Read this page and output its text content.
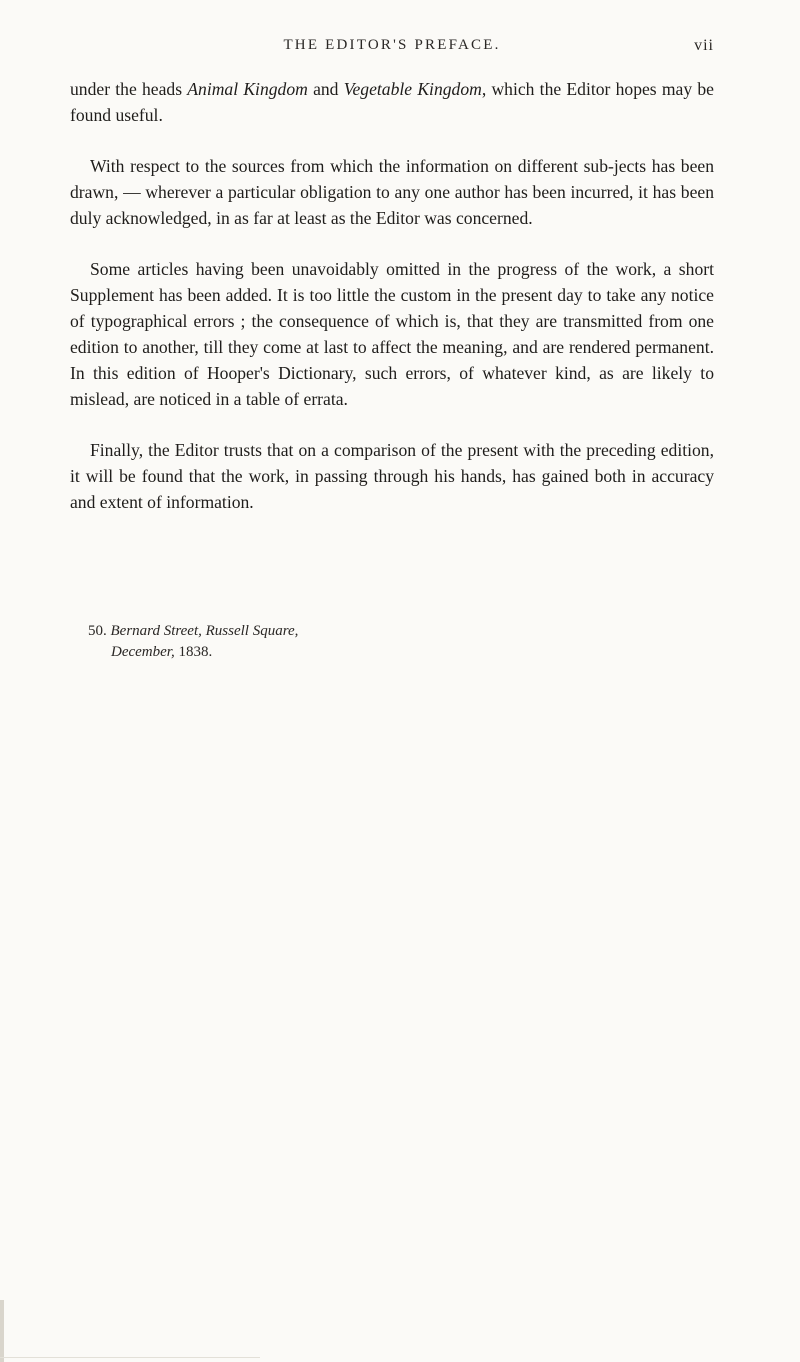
THE EDITOR'S PREFACE.	vii

under the heads Animal Kingdom and Vegetable Kingdom, which the Editor hopes may be found useful.

With respect to the sources from which the information on different sub-jects has been drawn, — wherever a particular obligation to any one author has been incurred, it has been duly acknowledged, in as far at least as the Editor was concerned.

Some articles having been unavoidably omitted in the progress of the work, a short Supplement has been added. It is too little the custom in the present day to take any notice of typographical errors ; the consequence of which is, that they are transmitted from one edition to another, till they come at last to affect the meaning, and are rendered permanent. In this edition of Hooper's Dictionary, such errors, of whatever kind, as are likely to mislead, are noticed in a table of errata.

Finally, the Editor trusts that on a comparison of the present with the preceding edition, it will be found that the work, in passing through his hands, has gained both in accuracy and extent of information.

50. Bernard Street, Russell Square,
December, 1838.
